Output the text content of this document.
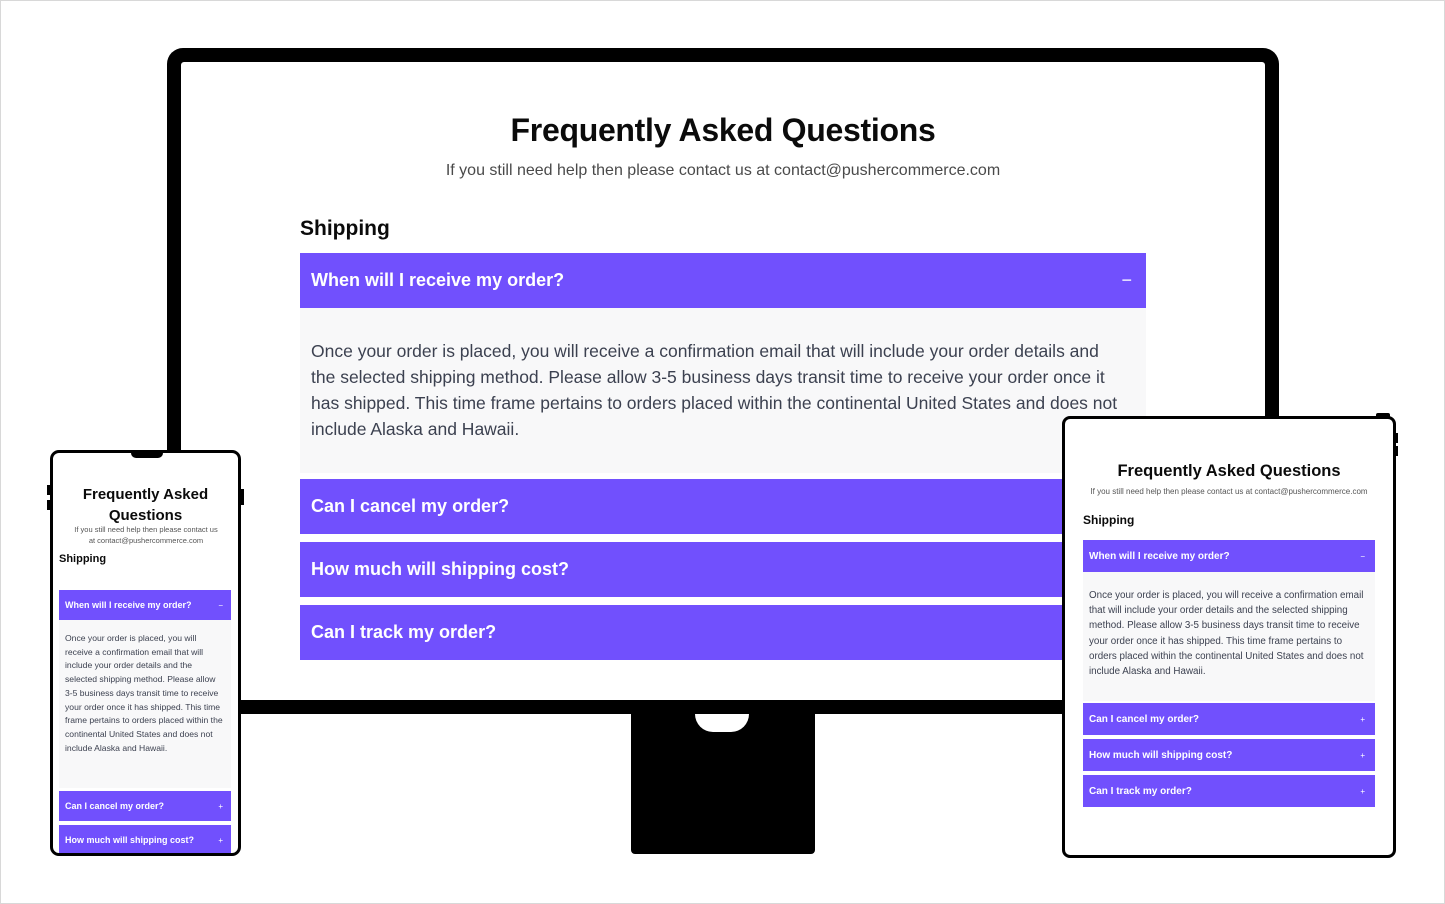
Frequently Asked Questions

If you still need help then please contact us at contact@pushercommerce.com

Shipping
When will I receive my order?	−
Once your order is placed, you will receive a confirmation email that will include your order details and the selected shipping method. Please allow 3-5 business days transit time to receive your order once it has shipped. This time frame pertains to orders placed within the continental United States and does not include Alaska and Hawaii.
Can I cancel my order?
How much will shipping cost?
Can I track my order?
Frequently Asked Questions

If you still need help then please contact us
at contact@pushercommerce.com

Shipping
When will I receive my order?	−
Once your order is placed, you will receive a confirmation email that will include your order details and the selected shipping method. Please allow 3-5 business days transit time to receive your order once it has shipped. This time frame pertains to orders placed within the continental United States and does not include Alaska and Hawaii.
Can I cancel my order?	+
How much will shipping cost?	+
Frequently Asked Questions

If you still need help then please contact us at contact@pushercommerce.com

Shipping
When will I receive my order?	−
Once your order is placed, you will receive a confirmation email that will include your order details and the selected shipping method. Please allow 3-5 business days transit time to receive your order once it has shipped. This time frame pertains to orders placed within the continental United States and does not include Alaska and Hawaii.
Can I cancel my order?	+
How much will shipping cost?	+
Can I track my order?	+
